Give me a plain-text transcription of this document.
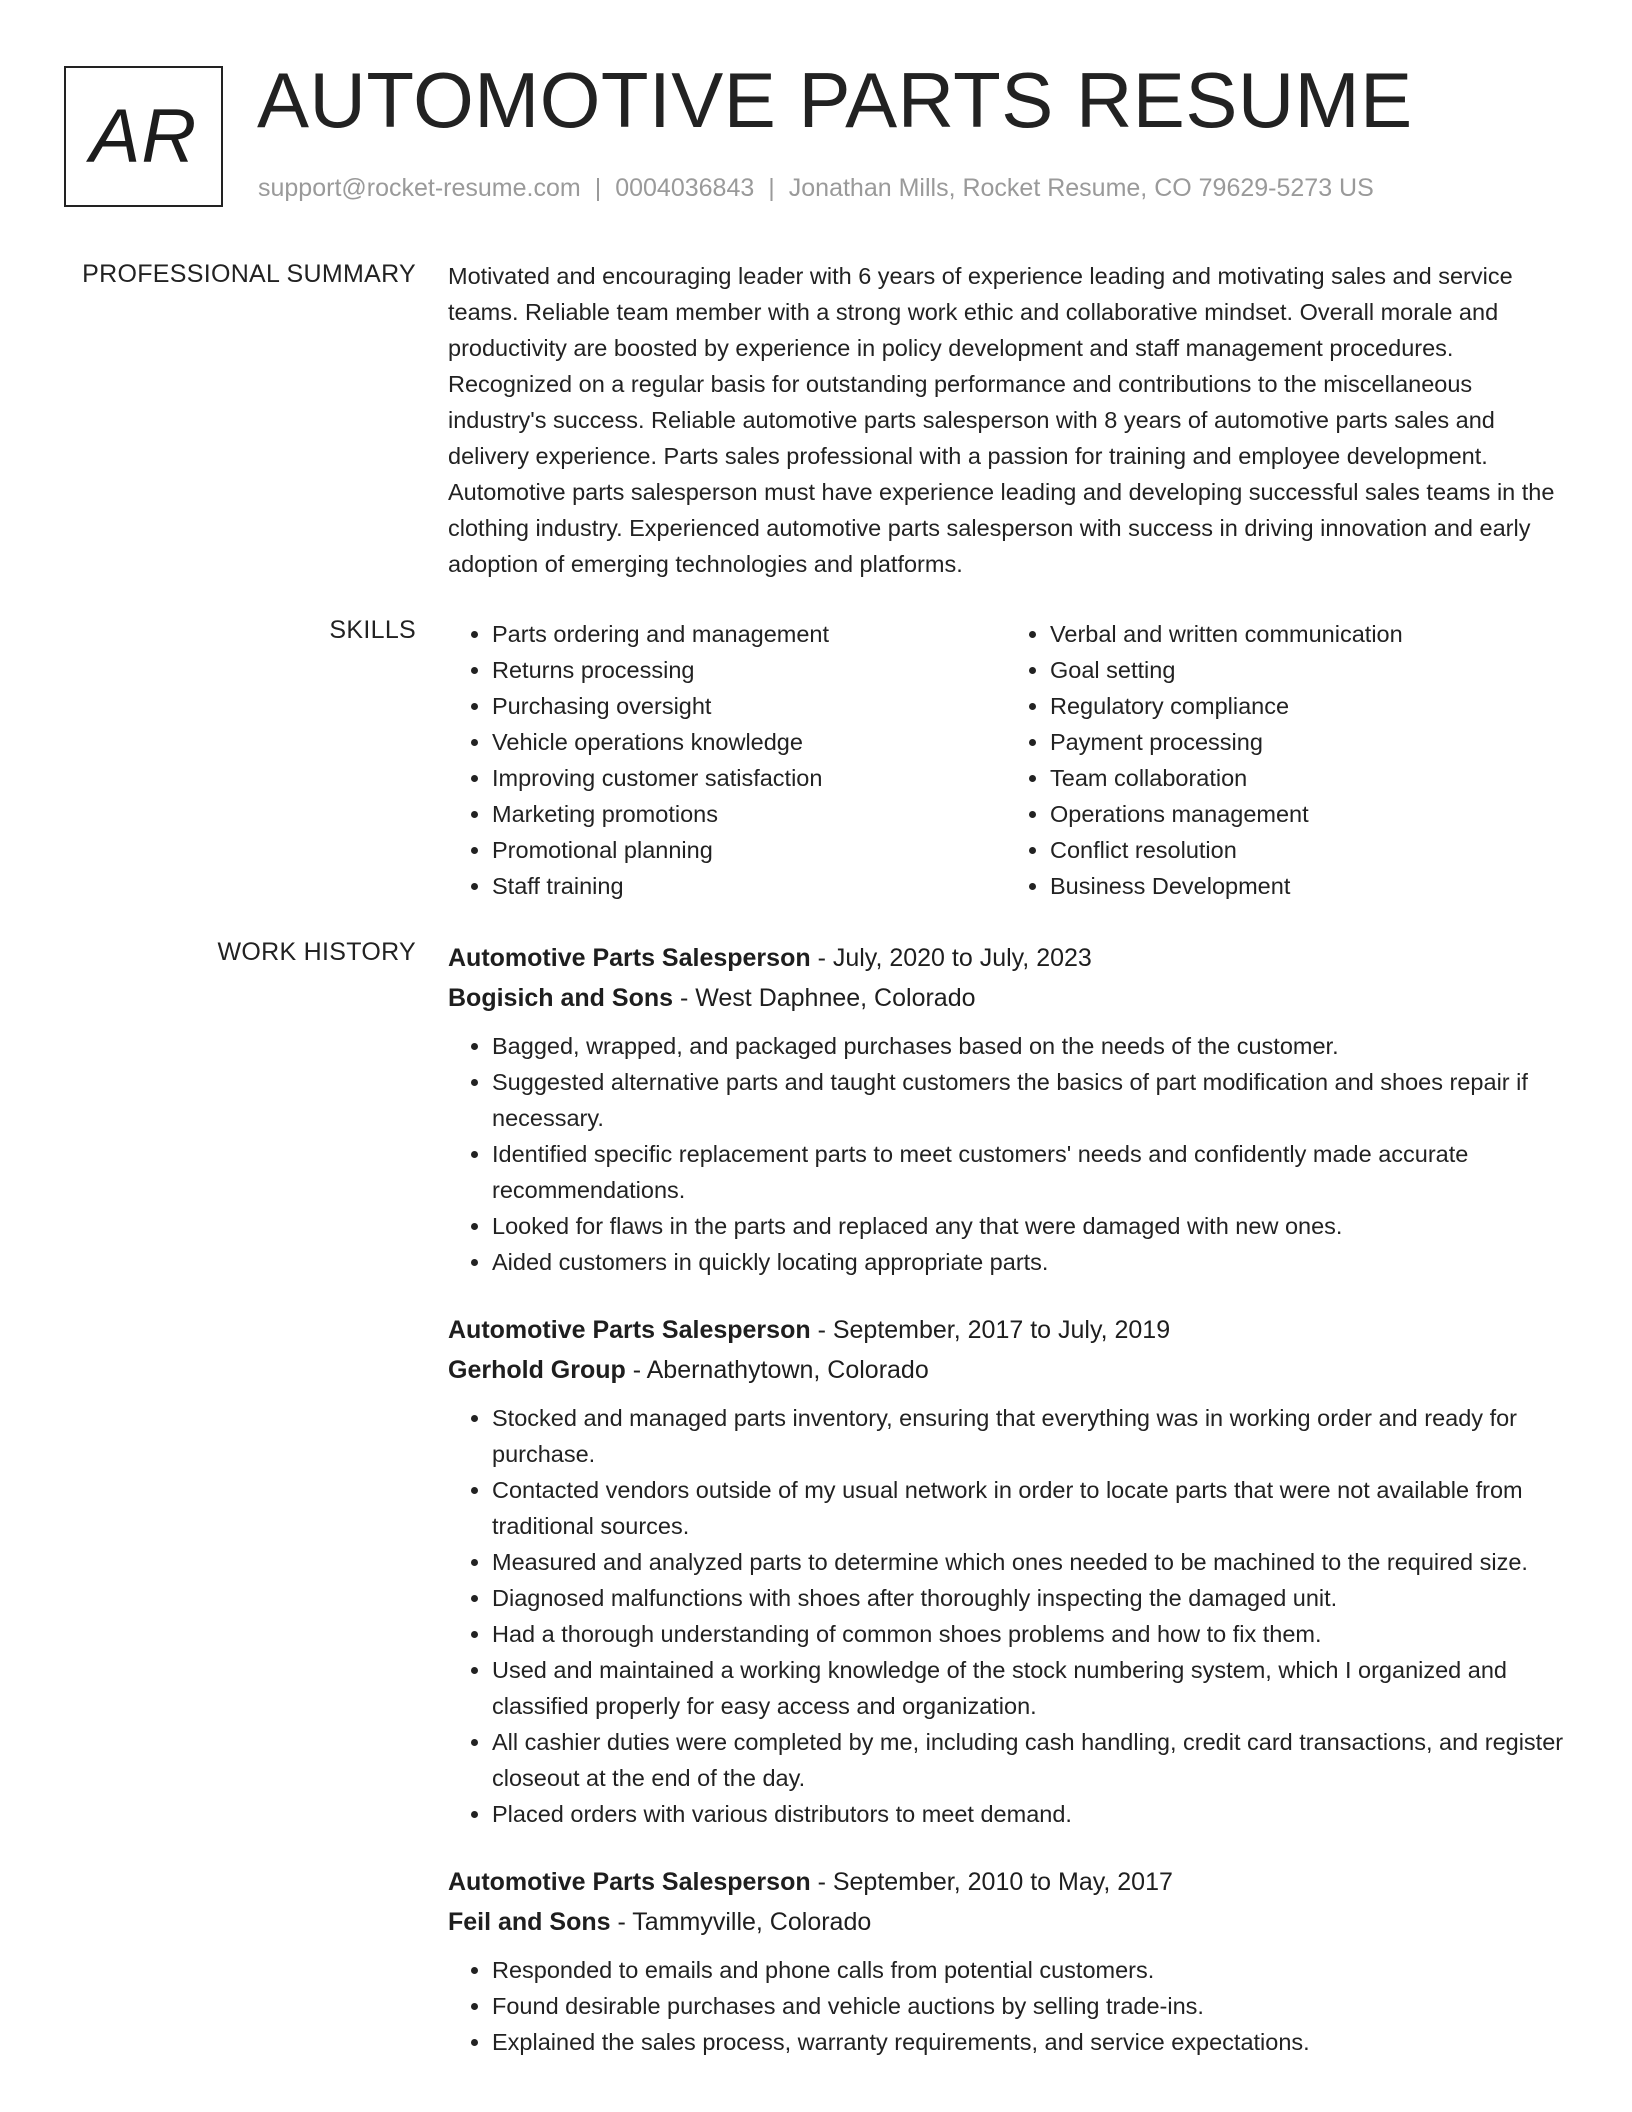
AR AUTOMOTIVE PARTS RESUME
support@rocket-resume.com | 0004036843 | Jonathan Mills, Rocket Resume, CO 79629-5273 US
PROFESSIONAL SUMMARY Motivated and encouraging leader with 6 years of experience leading and motivating sales and service teams. Reliable team member with a strong work ethic and collaborative mindset. Overall morale and productivity are boosted by experience in policy development and staff management procedures. Recognized on a regular basis for outstanding performance and contributions to the miscellaneous industry's success. Reliable automotive parts salesperson with 8 years of automotive parts sales and delivery experience. Parts sales professional with a passion for training and employee development. Automotive parts salesperson must have experience leading and developing successful sales teams in the clothing industry. Experienced automotive parts salesperson with success in driving innovation and early adoption of emerging technologies and platforms.
SKILLS
•	Parts ordering and management
• Returns processing
• Purchasing oversight
• Vehicle operations knowledge
• Improving customer satisfaction
• Marketing promotions
• Promotional planning
• Staff training
• Verbal and written communication
• Goal setting
• Regulatory compliance
• Payment processing
• Team collaboration
• Operations management
• Conflict resolution
• Business Development
WORK HISTORY Automotive Parts Salesperson - July, 2020 to July, 2023
Bogisich and Sons - West Daphnee, Colorado
• Bagged, wrapped, and packaged purchases based on the needs of the customer.
• Suggested alternative parts and taught customers the basics of part modification and shoes repair if necessary.
• Identified specific replacement parts to meet customers' needs and confidently made accurate recommendations.
• Looked for flaws in the parts and replaced any that were damaged with new ones.
• Aided customers in quickly locating appropriate parts.
Automotive Parts Salesperson - September, 2017 to July, 2019
Gerhold Group - Abernathytown, Colorado
• Stocked and managed parts inventory, ensuring that everything was in working order and ready for purchase.
• Contacted vendors outside of my usual network in order to locate parts that were not available from traditional sources.
• Measured and analyzed parts to determine which ones needed to be machined to the required size.
• Diagnosed malfunctions with shoes after thoroughly inspecting the damaged unit.
• Had a thorough understanding of common shoes problems and how to fix them.
• Used and maintained a working knowledge of the stock numbering system, which I organized and classified properly for easy access and organization.
• All cashier duties were completed by me, including cash handling, credit card transactions, and register closeout at the end of the day.
• Placed orders with various distributors to meet demand.
Automotive Parts Salesperson - September, 2010 to May, 2017
Feil and Sons - Tammyville, Colorado
• Responded to emails and phone calls from potential customers.
• Found desirable purchases and vehicle auctions by selling trade-ins.
• Explained the sales process, warranty requirements, and service expectations.
